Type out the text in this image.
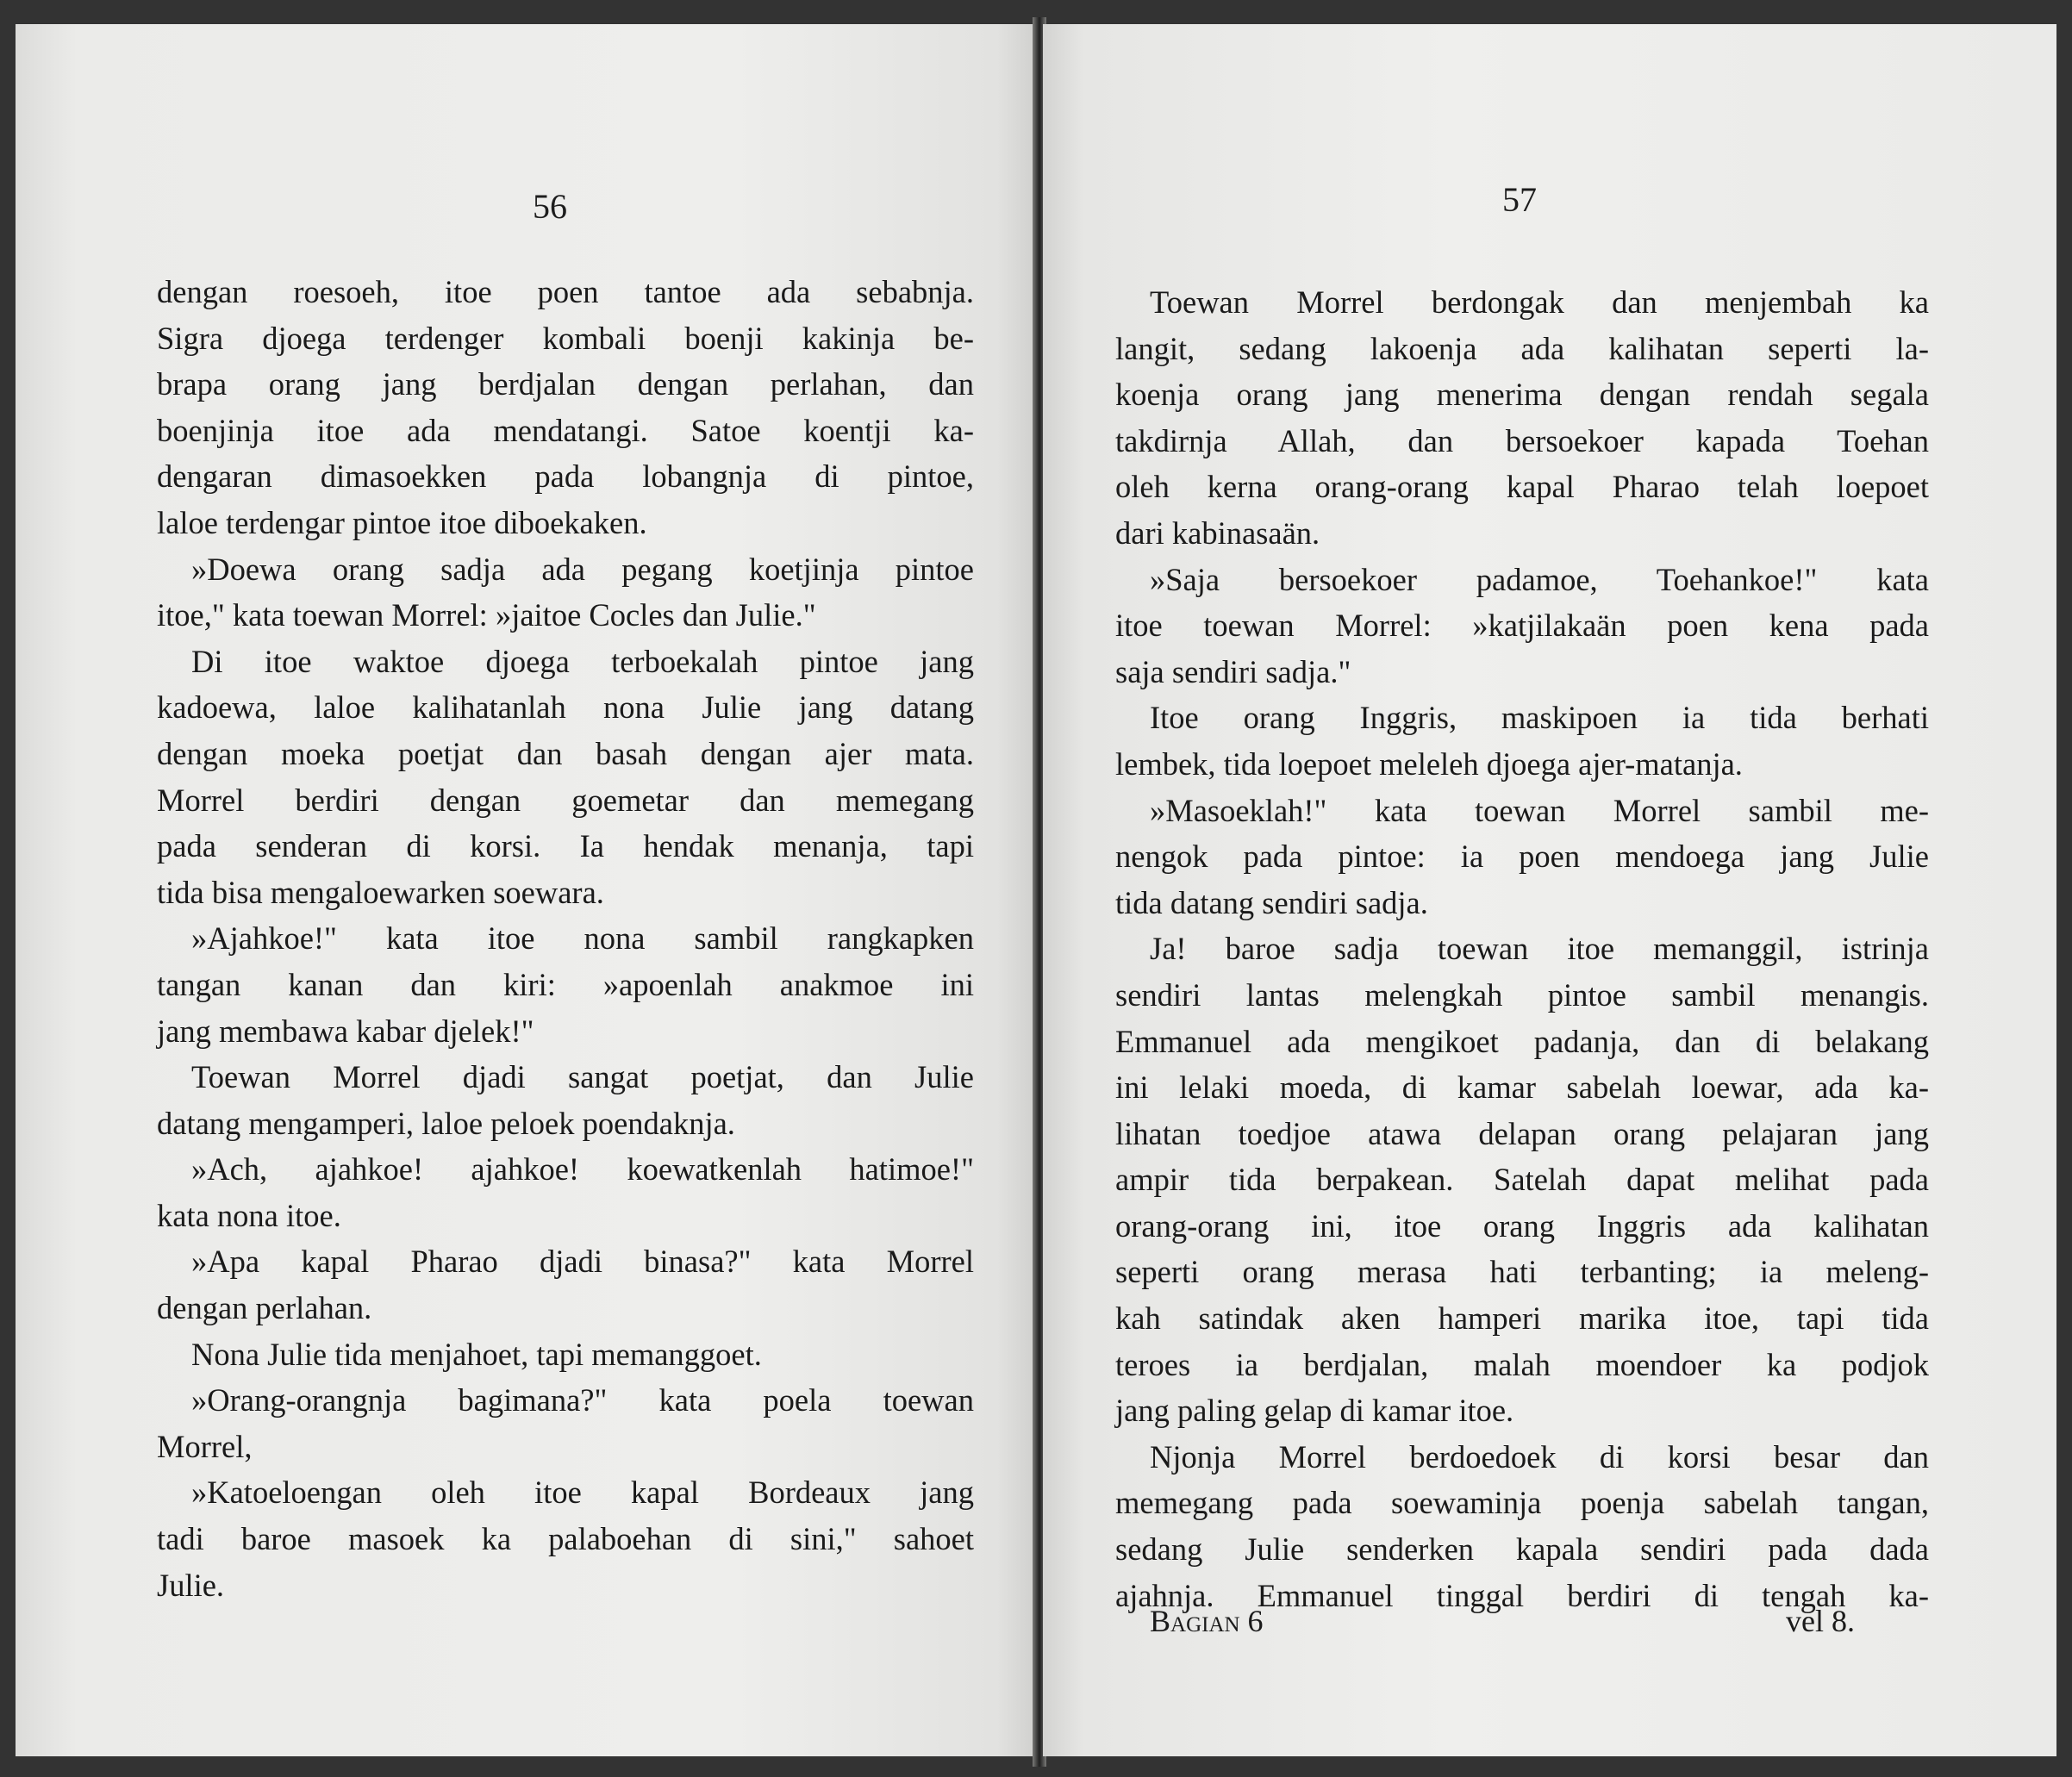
56
dengan roesoeh, itoe poen tantoe ada sebabnja.
Sigra djoega terdenger kombali boenji kakinja be-
brapa orang jang berdjalan dengan perlahan, dan
boenjinja itoe ada mendatangi. Satoe koentji ka-
dengaran dimasoekken pada lobangnja di pintoe,
laloe terdengar pintoe itoe diboekaken.
»Doewa orang sadja ada pegang koetjinja pintoe
itoe," kata toewan Morrel: »jaitoe Cocles dan Julie."
Di itoe waktoe djoega terboekalah pintoe jang
kadoewa, laloe kalihatanlah nona Julie jang datang
dengan moeka poetjat dan basah dengan ajer mata.
Morrel berdiri dengan goemetar dan memegang
pada senderan di korsi. Ia hendak menanja, tapi
tida bisa mengaloewarken soewara.
»Ajahkoe!" kata itoe nona sambil rangkapken
tangan kanan dan kiri: »apoenlah anakmoe ini
jang membawa kabar djelek!"
Toewan Morrel djadi sangat poetjat, dan Julie
datang mengamperi, laloe peloek poendaknja.
»Ach, ajahkoe! ajahkoe! koewatkenlah hatimoe!"
kata nona itoe.
»Apa kapal Pharao djadi binasa?" kata Morrel
dengan perlahan.
Nona Julie tida menjahoet, tapi memanggoet.
»Orang-orangnja bagimana?" kata poela toewan
Morrel,
»Katoeloengan oleh itoe kapal Bordeaux jang
tadi baroe masoek ka palaboehan di sini," sahoet
Julie.
57
Toewan Morrel berdongak dan menjembah ka
langit, sedang lakoenja ada kalihatan seperti la-
koenja orang jang menerima dengan rendah segala
takdirnja Allah, dan bersoekoer kapada Toehan
oleh kerna orang-orang kapal Pharao telah loepoet
dari kabinasaän.
»Saja bersoekoer padamoe, Toehankoe!" kata
itoe toewan Morrel: »katjilakaän poen kena pada
saja sendiri sadja."
Itoe orang Inggris, maskipoen ia tida berhati
lembek, tida loepoet meleleh djoega ajer-matanja.
»Masoeklah!" kata toewan Morrel sambil me-
nengok pada pintoe: ia poen mendoega jang Julie
tida datang sendiri sadja.
Ja! baroe sadja toewan itoe memanggil, istrinja
sendiri lantas melengkah pintoe sambil menangis.
Emmanuel ada mengikoet padanja, dan di belakang
ini lelaki moeda, di kamar sabelah loewar, ada ka-
lihatan toedjoe atawa delapan orang pelajaran jang
ampir tida berpakean. Satelah dapat melihat pada
orang-orang ini, itoe orang Inggris ada kalihatan
seperti orang merasa hati terbanting; ia meleng-
kah satindak aken hamperi marika itoe, tapi tida
teroes ia berdjalan, malah moendoer ka podjok
jang paling gelap di kamar itoe.
Njonja Morrel berdoedoek di korsi besar dan
memegang pada soewaminja poenja sabelah tangan,
sedang Julie senderken kapala sendiri pada dada
ajahnja. Emmanuel tinggal berdiri di tengah ka-
Bagian 6	vel 8.
